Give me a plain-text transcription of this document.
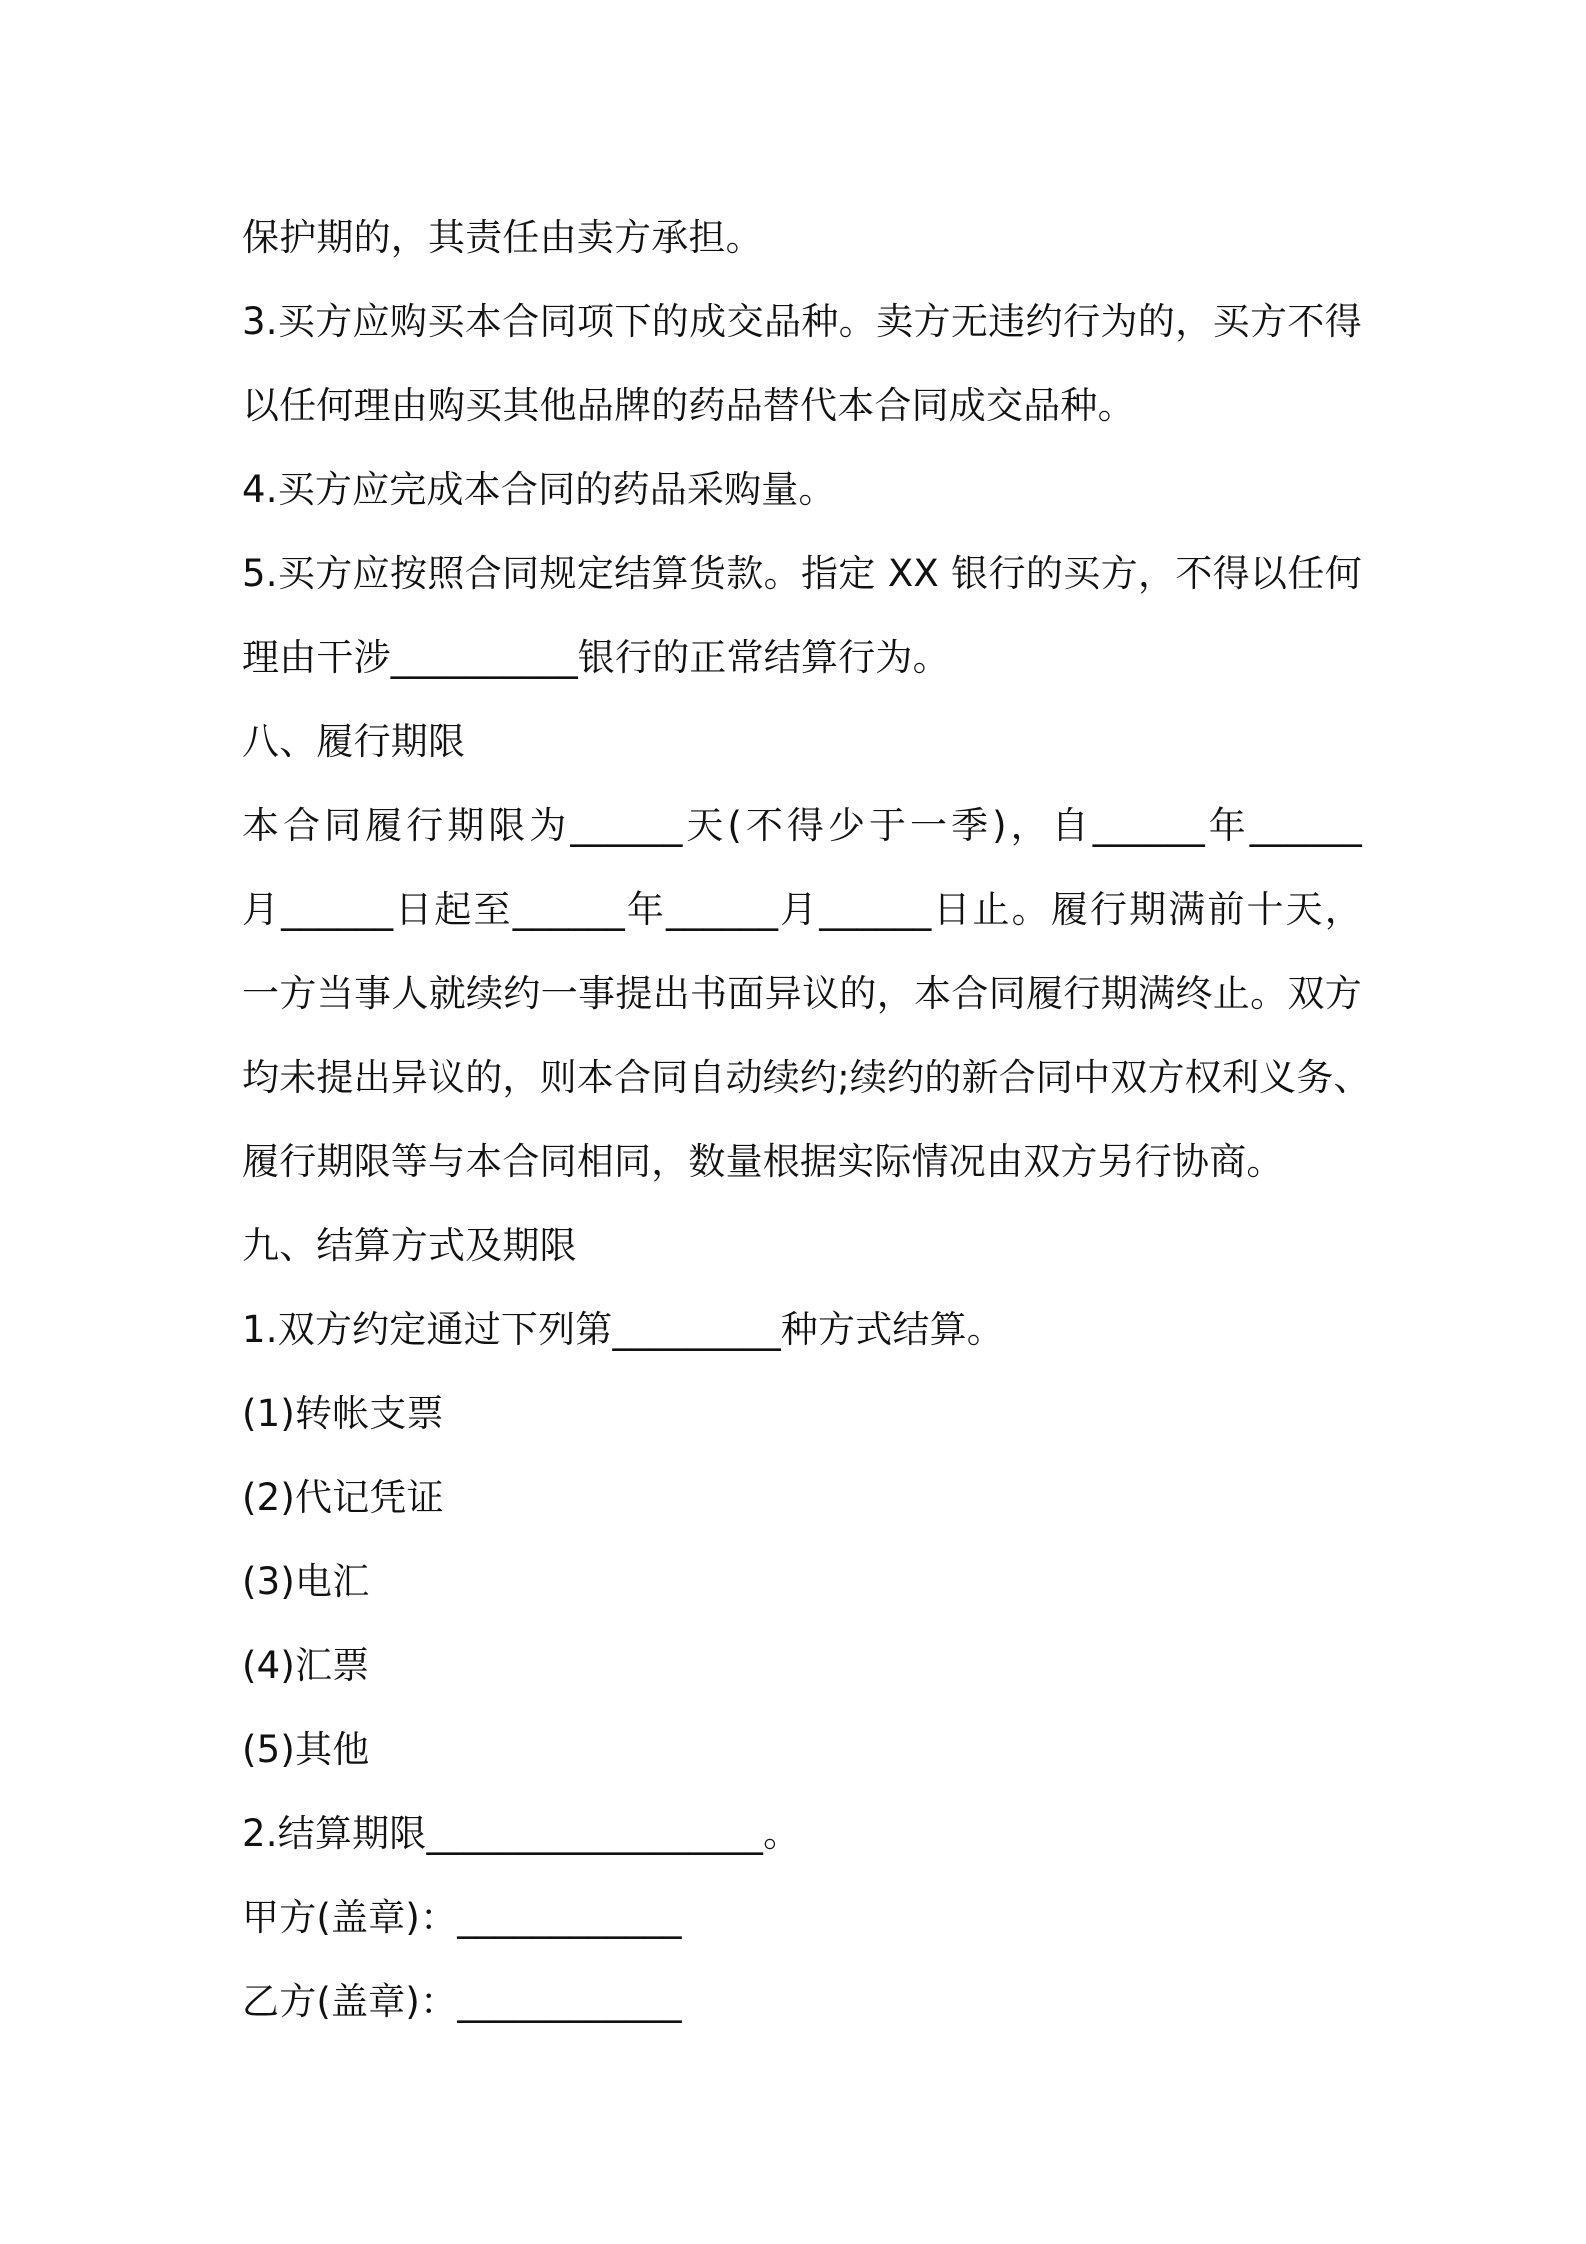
保护期的，其责任由卖方承担。
3.买方应购买本合同项下的成交品种。卖方无违约行为的，买方不得
以任何理由购买其他品牌的药品替代本合同成交品种。
4.买方应完成本合同的药品采购量。
5.买方应按照合同规定结算货款。指定 XX 银行的买方，不得以任何
理由干涉__________银行的正常结算行为。
八、履行期限
本合同履行期限为______天(不得少于一季)，自______年______
月______日起至______年______月______日止。履行期满前十天，
一方当事人就续约一事提出书面异议的，本合同履行期满终止。双方
均未提出异议的，则本合同自动续约;续约的新合同中双方权利义务、
履行期限等与本合同相同，数量根据实际情况由双方另行协商。
九、结算方式及期限
1.双方约定通过下列第_________种方式结算。
(1)转帐支票
(2)代记凭证
(3)电汇
(4)汇票
(5)其他
2.结算期限__________________。
甲方(盖章)：____________
乙方(盖章)：____________
